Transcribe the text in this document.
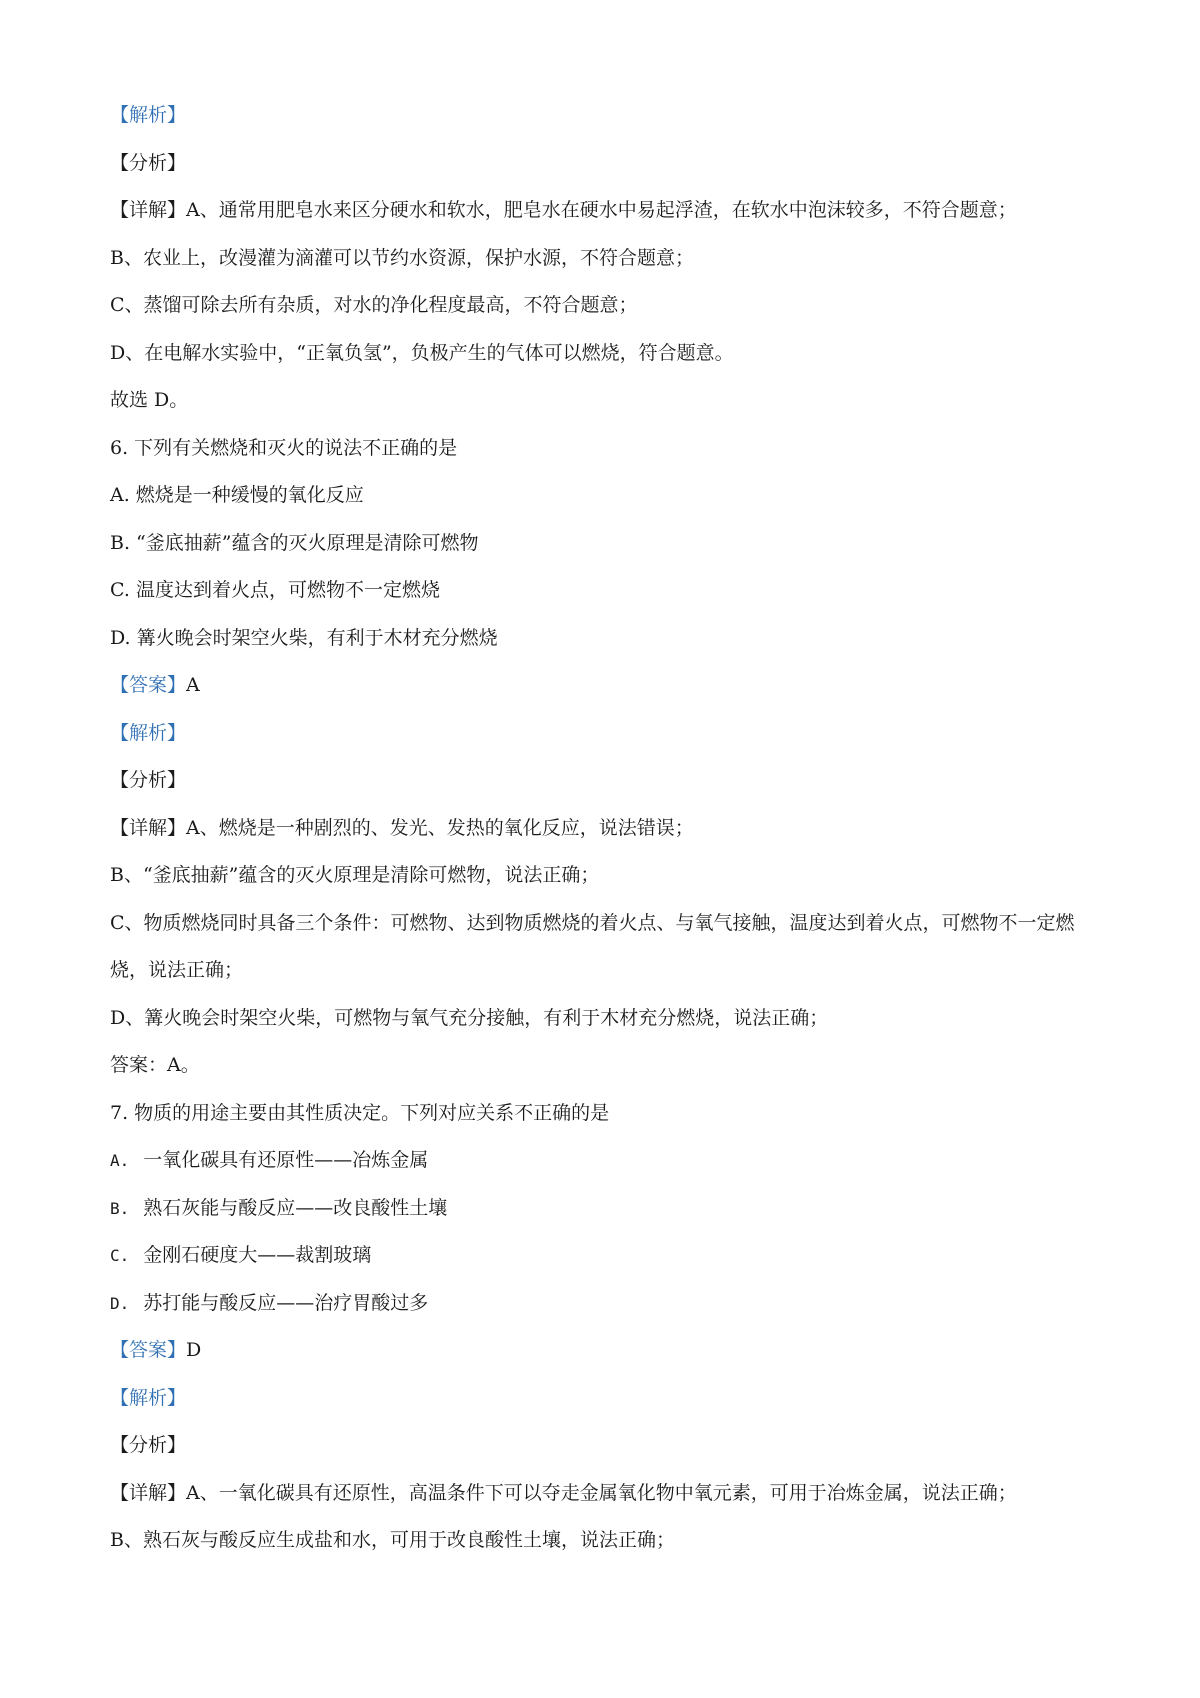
【解析】

【分析】

【详解】A、通常用肥皂水来区分硬水和软水，肥皂水在硬水中易起浮渣，在软水中泡沫较多，不符合题意；

B、农业上，改漫灌为滴灌可以节约水资源，保护水源，不符合题意；

C、蒸馏可除去所有杂质，对水的净化程度最高，不符合题意；

D、在电解水实验中，“正氧负氢”，负极产生的气体可以燃烧，符合题意。

故选 D。

6. 下列有关燃烧和灭火的说法不正确的是

A. 燃烧是一种缓慢的氧化反应

B. “釜底抽薪”蕴含的灭火原理是清除可燃物

C. 温度达到着火点，可燃物不一定燃烧

D. 篝火晚会时架空火柴，有利于木材充分燃烧

【答案】A

【解析】

【分析】

【详解】A、燃烧是一种剧烈的、发光、发热的氧化反应，说法错误；

B、“釜底抽薪”蕴含的灭火原理是清除可燃物，说法正确；

C、物质燃烧同时具备三个条件：可燃物、达到物质燃烧的着火点、与氧气接触，温度达到着火点，可燃物不一定燃烧，说法正确；

D、篝火晚会时架空火柴，可燃物与氧气充分接触，有利于木材充分燃烧，说法正确；

答案：A。

7. 物质的用途主要由其性质决定。下列对应关系不正确的是

A. 一氧化碳具有还原性——冶炼金属

B. 熟石灰能与酸反应——改良酸性土壤

C. 金刚石硬度大——裁割玻璃

D. 苏打能与酸反应——治疗胃酸过多

【答案】D

【解析】

【分析】

【详解】A、一氧化碳具有还原性，高温条件下可以夺走金属氧化物中氧元素，可用于冶炼金属，说法正确；

B、熟石灰与酸反应生成盐和水，可用于改良酸性土壤，说法正确；
